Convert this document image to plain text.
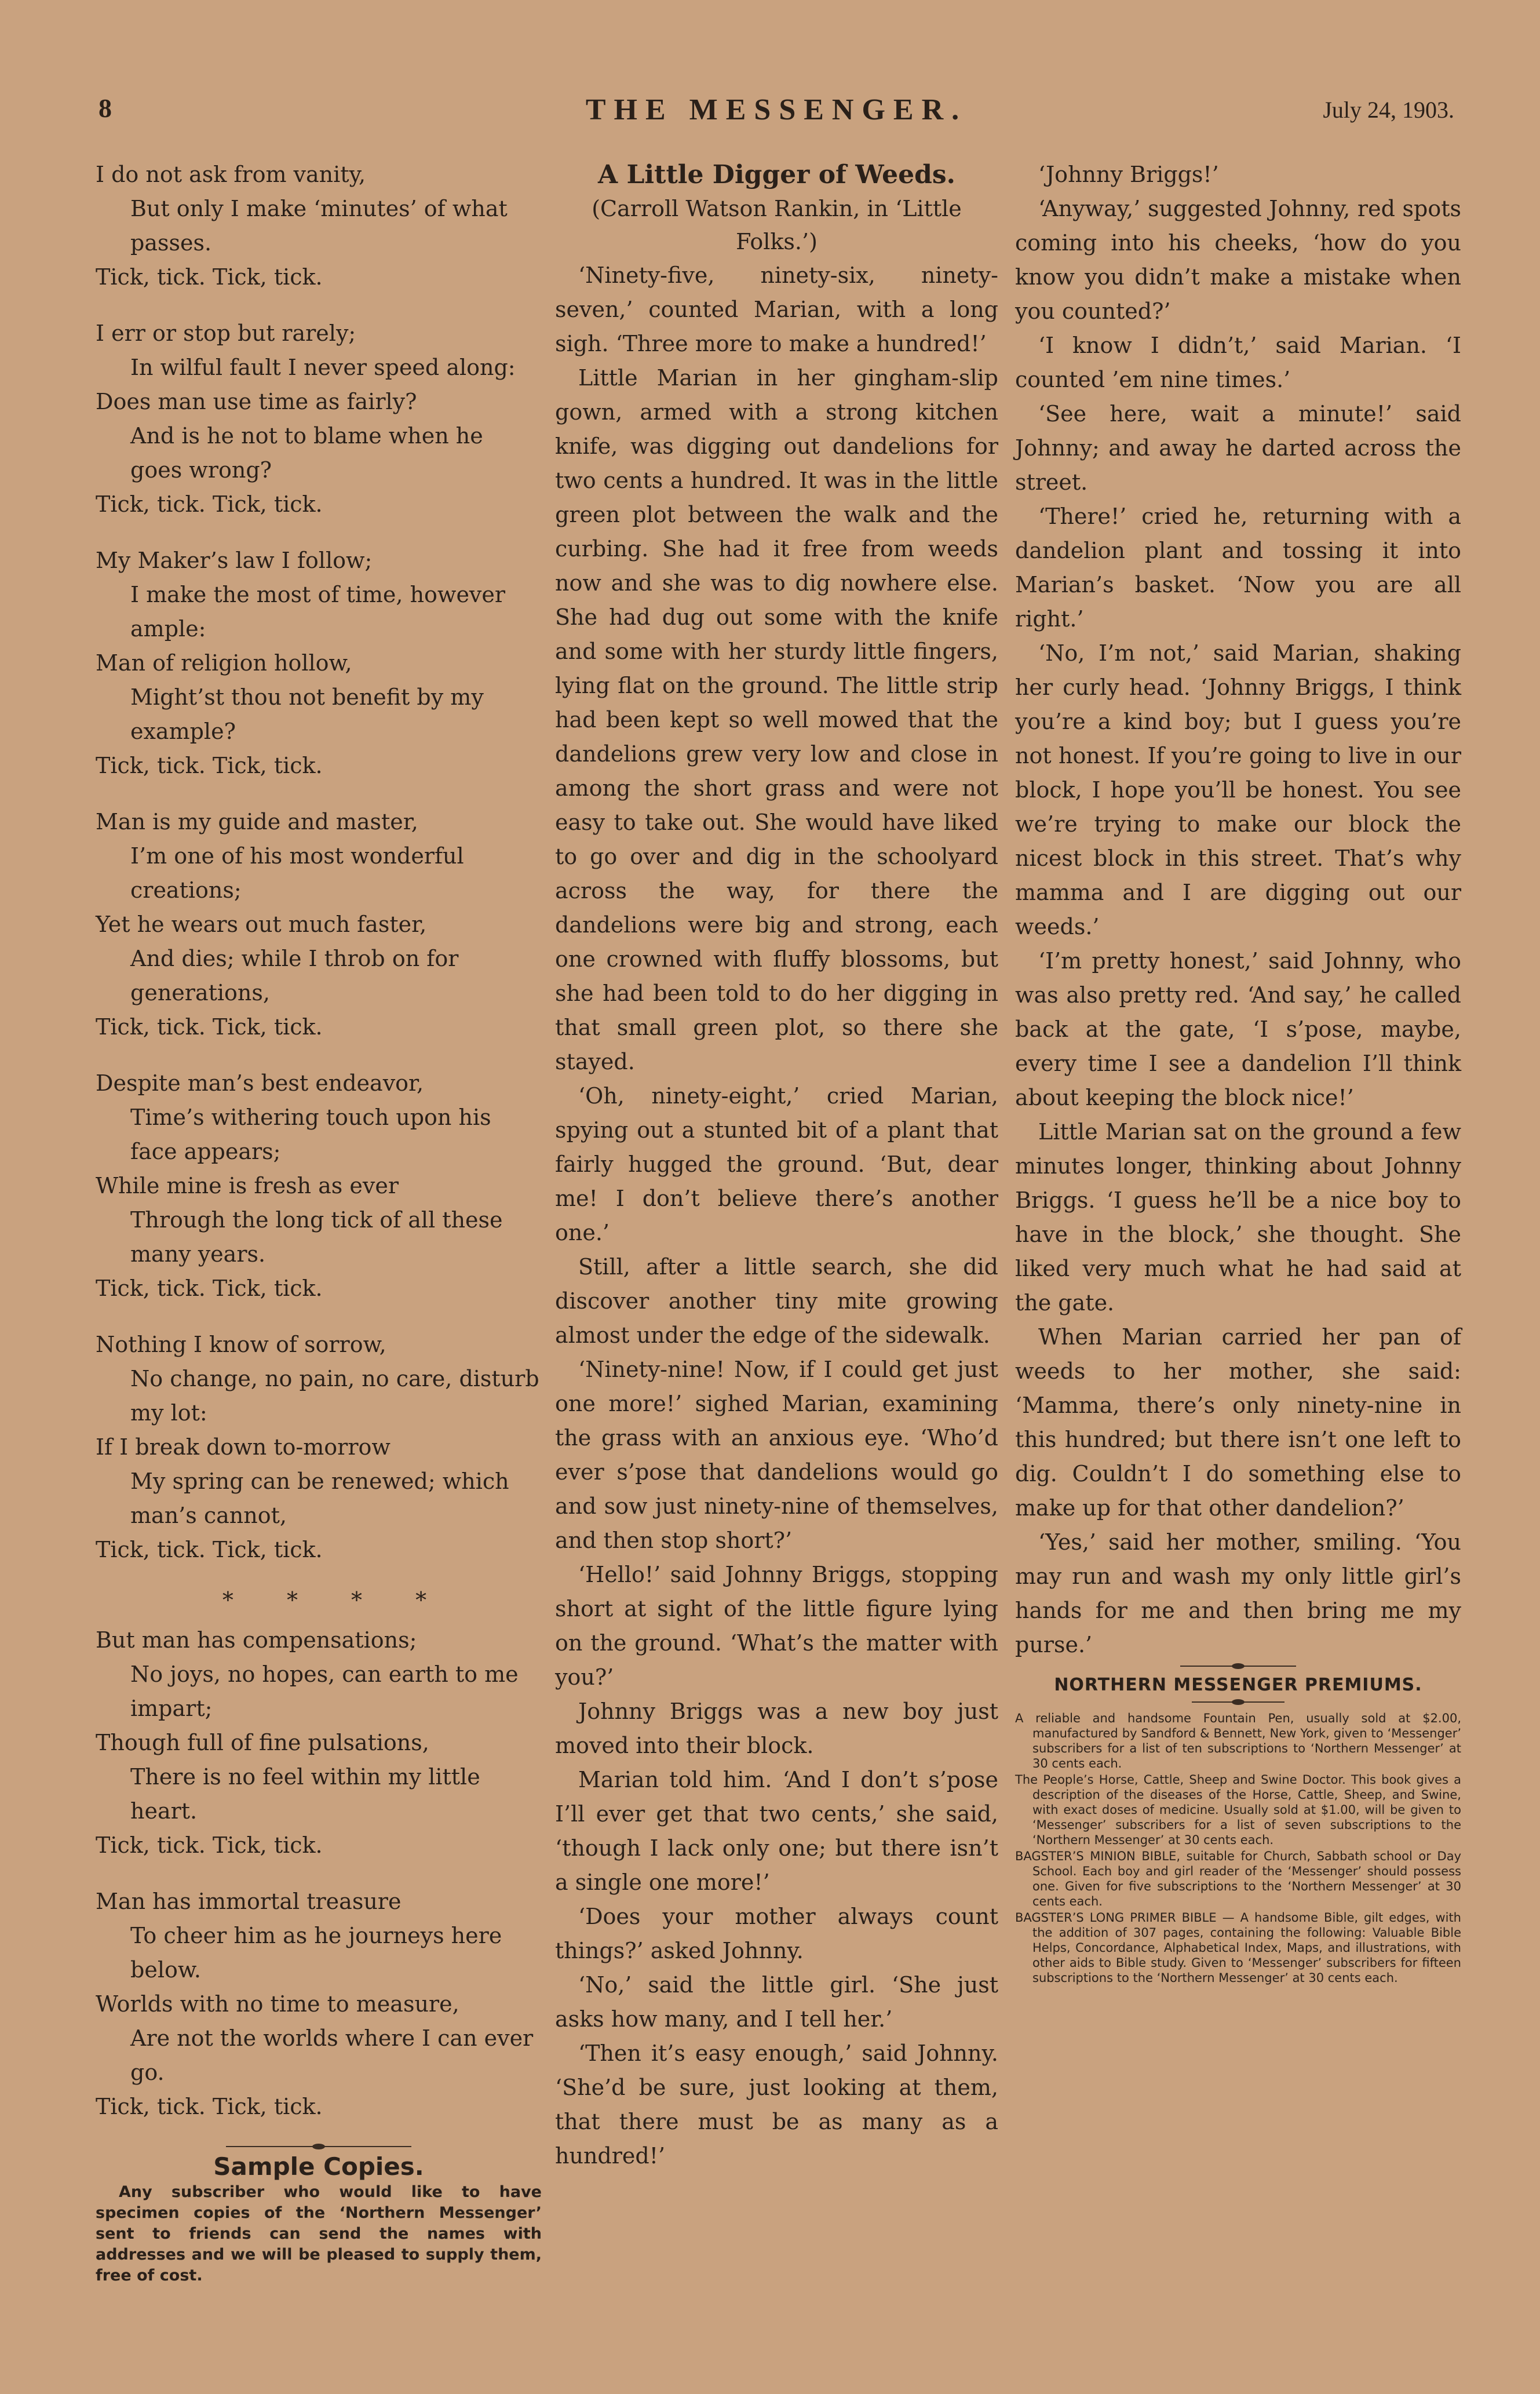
8	THE MESSENGER.	July 24, 1903.
I do not ask from vanity,
But only I make ‘minutes’ of what passes.
Tick, tick. Tick, tick.
I err or stop but rarely;
In wilful fault I never speed along:
Does man use time as fairly?
And is he not to blame when he goes wrong?
Tick, tick. Tick, tick.
My Maker’s law I follow;
I make the most of time, however ample:
Man of religion hollow,
Might’st thou not benefit by my example?
Tick, tick. Tick, tick.
Man is my guide and master,
I’m one of his most wonderful creations;
Yet he wears out much faster,
And dies; while I throb on for generations,
Tick, tick. Tick, tick.
Despite man’s best endeavor,
Time’s withering touch upon his face appears;
While mine is fresh as ever
Through the long tick of all these many years.
Tick, tick. Tick, tick.
Nothing I know of sorrow,
No change, no pain, no care, disturb my lot:
If I break down to-morrow
My spring can be renewed; which man’s cannot,
Tick, tick. Tick, tick.
* * * *
But man has compensations;
No joys, no hopes, can earth to me impart;
Though full of fine pulsations,
There is no feel within my little heart.
Tick, tick. Tick, tick.
Man has immortal treasure
To cheer him as he journeys here below.
Worlds with no time to measure,
Are not the worlds where I can ever go.
Tick, tick. Tick, tick.
Sample Copies.
Any subscriber who would like to have specimen copies of the ‘Northern Messenger’ sent to friends can send the names with addresses and we will be pleased to supply them, free of cost.
A Little Digger of Weeds.
(Carroll Watson Rankin, in ‘Little Folks.’)

‘Ninety-five, ninety-six, ninety-seven,’ counted Marian, with a long sigh. ‘Three more to make a hundred!’

Little Marian in her gingham-slip gown, armed with a strong kitchen knife, was digging out dandelions for two cents a hundred. It was in the little green plot between the walk and the curbing. She had it free from weeds now and she was to dig nowhere else. She had dug out some with the knife and some with her sturdy little fingers, lying flat on the ground. The little strip had been kept so well mowed that the dandelions grew very low and close in among the short grass and were not easy to take out. She would have liked to go over and dig in the schoolyard across the way, for there the dandelions were big and strong, each one crowned with fluffy blossoms, but she had been told to do her digging in that small green plot, so there she stayed.

‘Oh, ninety-eight,’ cried Marian, spying out a stunted bit of a plant that fairly hugged the ground. ‘But, dear me! I don’t believe there’s another one.’

Still, after a little search, she did discover another tiny mite growing almost under the edge of the sidewalk.

‘Ninety-nine! Now, if I could get just one more!’ sighed Marian, examining the grass with an anxious eye. ‘Who’d ever s’pose that dandelions would go and sow just ninety-nine of themselves, and then stop short?’

‘Hello!’ said Johnny Briggs, stopping short at sight of the little figure lying on the ground. ‘What’s the matter with you?’

Johnny Briggs was a new boy just moved into their block.

Marian told him. ‘And I don’t s’pose I’ll ever get that two cents,’ she said, ‘though I lack only one; but there isn’t a single one more!’

‘Does your mother always count things?’ asked Johnny.

‘No,’ said the little girl. ‘She just asks how many, and I tell her.’

‘Then it’s easy enough,’ said Johnny. ‘She’d be sure, just looking at them, that there must be as many as a hundred!’

‘Johnny Briggs!’

‘Anyway,’ suggested Johnny, red spots coming into his cheeks, ‘how do you know you didn’t make a mistake when you counted?’

‘I know I didn’t,’ said Marian. ‘I counted ’em nine times.’

‘See here, wait a minute!’ said Johnny; and away he darted across the street.

‘There!’ cried he, returning with a dandelion plant and tossing it into Marian’s basket. ‘Now you are all right.’

‘No, I’m not,’ said Marian, shaking her curly head. ‘Johnny Briggs, I think you’re a kind boy; but I guess you’re not honest. If you’re going to live in our block, I hope you’ll be honest. You see we’re trying to make our block the nicest block in this street. That’s why mamma and I are digging out our weeds.’

‘I’m pretty honest,’ said Johnny, who was also pretty red. ‘And say,’ he called back at the gate, ‘I s’pose, maybe, every time I see a dandelion I’ll think about keeping the block nice!’

Little Marian sat on the ground a few minutes longer, thinking about Johnny Briggs. ‘I guess he’ll be a nice boy to have in the block,’ she thought. She liked very much what he had said at the gate.

When Marian carried her pan of weeds to her mother, she said: ‘Mamma, there’s only ninety-nine in this hundred; but there isn’t one left to dig. Couldn’t I do something else to make up for that other dandelion?’

‘Yes,’ said her mother, smiling. ‘You may run and wash my only little girl’s hands for me and then bring me my purse.’

NORTHERN MESSENGER PREMIUMS.

A reliable and handsome Fountain Pen, usually sold at $2.00, manufactured by Sandford & Bennett, New York, given to ‘Messenger’ subscribers for a list of ten subscriptions to ‘Northern Messenger’ at 30 cents each.

The People’s Horse, Cattle, Sheep and Swine Doctor. This book gives a description of the diseases of the Horse, Cattle, Sheep, and Swine, with exact doses of medicine. Usually sold at $1.00, will be given to ‘Messenger’ subscribers for a list of seven subscriptions to the ‘Northern Messenger’ at 30 cents each.

BAGSTER’S MINION BIBLE, suitable for Church, Sabbath school or Day School. Each boy and girl reader of the ‘Messenger’ should possess one. Given for five subscriptions to the ‘Northern Messenger’ at 30 cents each.

BAGSTER’S LONG PRIMER BIBLE — A handsome Bible, gilt edges, with the addition of 307 pages, containing the following: Valuable Bible Helps, Concordance, Alphabetical Index, Maps, and illustrations, with other aids to Bible study. Given to ‘Messenger’ subscribers for fifteen subscriptions to the ‘Northern Messenger’ at 30 cents each.
